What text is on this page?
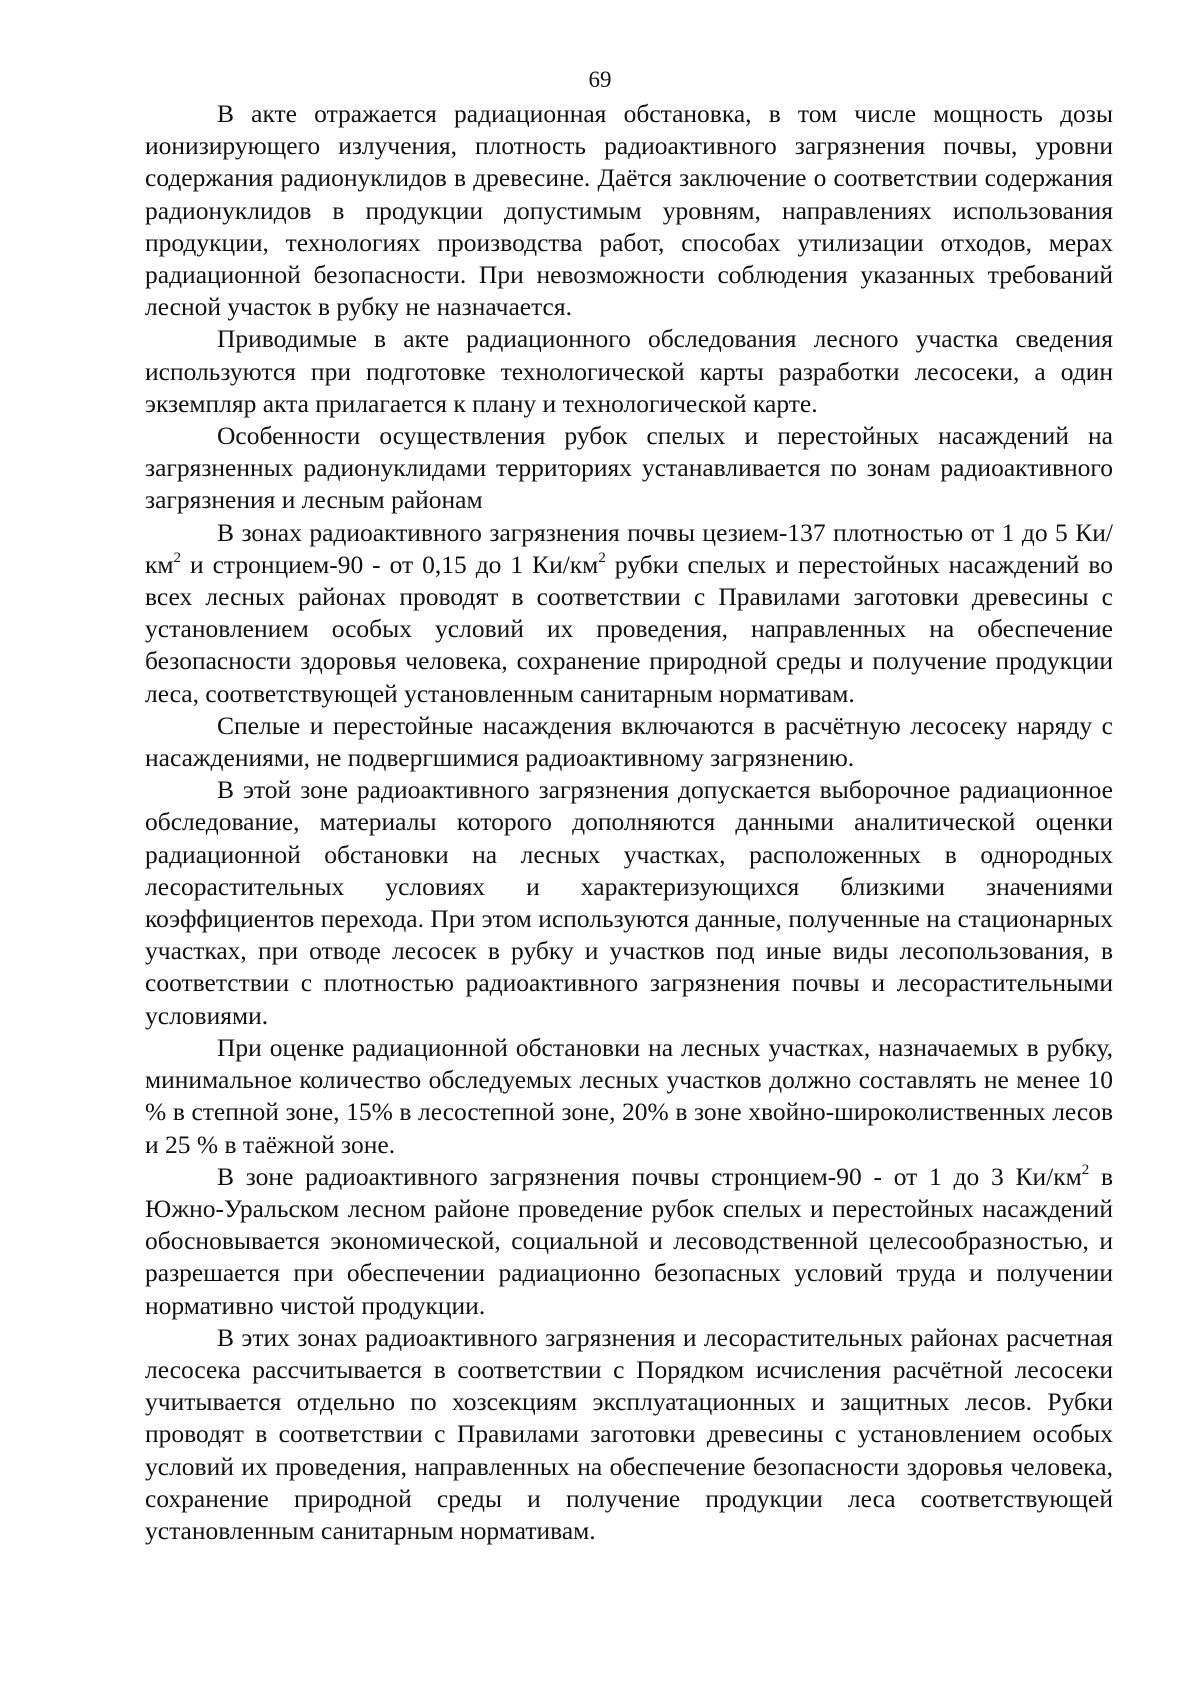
69

В акте отражается радиационная обстановка, в том числе мощность дозы ионизирующего излучения, плотность радиоактивного загрязнения почвы, уровни содержания радионуклидов в древесине. Даётся заключение о соответствии содержания радионуклидов в продукции допустимым уровням, направлениях использования продукции, технологиях производства работ, способах утилизации отходов, мерах радиационной безопасности. При невозможности соблюдения указанных требований лесной участок в рубку не назначается.

Приводимые в акте радиационного обследования лесного участка сведения используются при подготовке технологической карты разработки лесосеки, а один экземпляр акта прилагается к плану и технологической карте.

Особенности осуществления рубок спелых и перестойных насаждений на загрязненных радионуклидами территориях устанавливается по зонам радиоактивного загрязнения и лесным районам

В зонах радиоактивного загрязнения почвы цезием-137 плотностью от 1 до 5 $Ки/км^2$ и стронцием-90 - от 0,15 до 1 $Ки/км^2$ рубки спелых и перестойных насаждений во всех лесных районах проводят в соответствии с Правилами заготовки древесины с установлением особых условий их проведения, направленных на обеспечение безопасности здоровья человека, сохранение природной среды и получение продукции леса, соответствующей установленным санитарным нормативам.

Спелые и перестойные насаждения включаются в расчётную лесосеку наряду с насаждениями, не подвергшимися радиоактивному загрязнению.

В этой зоне радиоактивного загрязнения допускается выборочное радиационное обследование, материалы которого дополняются данными аналитической оценки радиационной обстановки на лесных участках, расположенных в однородных лесорастительных условиях и характеризующихся близкими значениями коэффициентов перехода. При этом используются данные, полученные на стационарных участках, при отводе лесосек в рубку и участков под иные виды лесопользования, в соответствии с плотностью радиоактивного загрязнения почвы и лесорастительными условиями.

При оценке радиационной обстановки на лесных участках, назначаемых в рубку, минимальное количество обследуемых лесных участков должно составлять не менее 10 % в степной зоне, 15% в лесостепной зоне, 20% в зоне хвойно-широколиственных лесов и 25 % в таёжной зоне.

В зоне радиоактивного загрязнения почвы стронцием-90 - от 1 до 3 $Ки/км^2$ в Южно-Уральском лесном районе проведение рубок спелых и перестойных насаждений обосновывается экономической, социальной и лесоводственной целесообразностью, и разрешается при обеспечении радиационно безопасных условий труда и получении нормативно чистой продукции.

В этих зонах радиоактивного загрязнения и лесорастительных районах расчетная лесосека рассчитывается в соответствии с Порядком исчисления расчётной лесосеки учитывается отдельно по хозсекциям эксплуатационных и защитных лесов. Рубки проводят в соответствии с Правилами заготовки древесины с установлением особых условий их проведения, направленных на обеспечение безопасности здоровья человека, сохранение природной среды и получение продукции леса соответствующей установленным санитарным нормативам.
